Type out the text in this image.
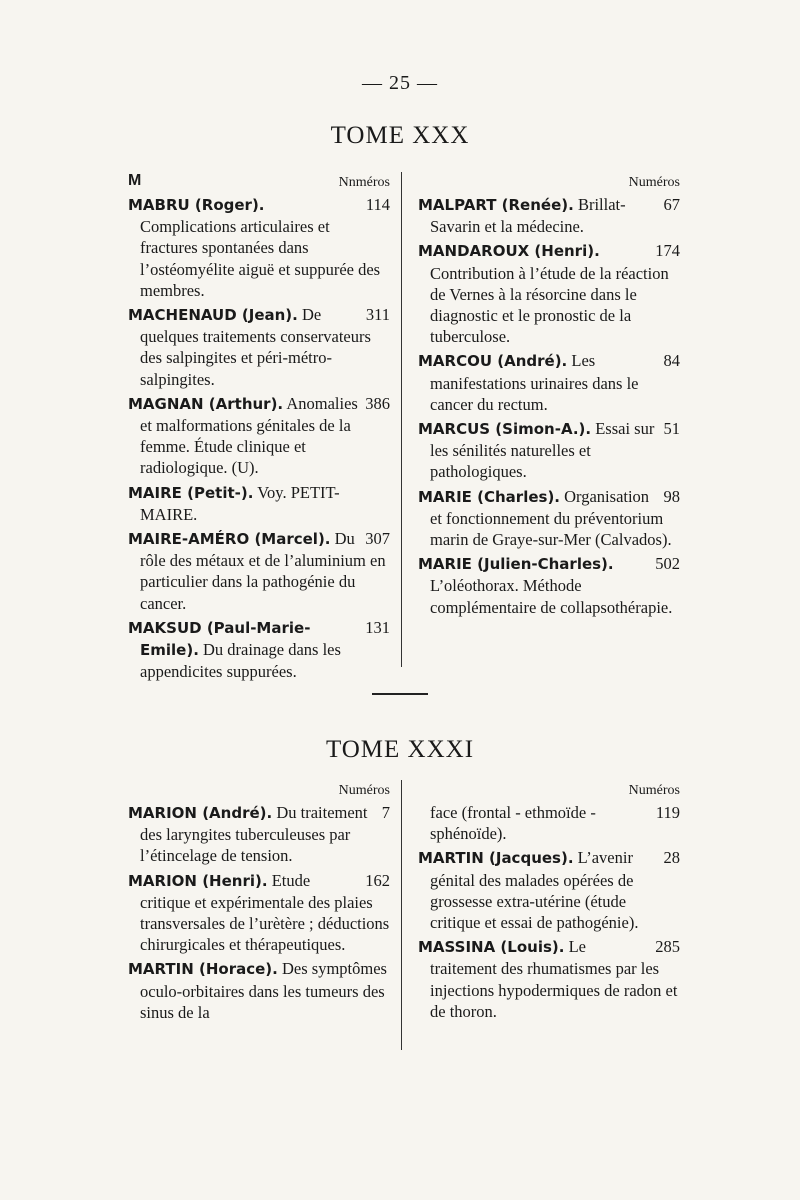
— 25 —
TOME XXX
M	Nnméros

114
MABRU (Roger). Complications articulaires et fractures spontanées dans l’ostéomyélite aiguë et suppurée des membres.

311
MACHENAUD (Jean). De quelques traitements conservateurs des salpingites et péri-métro-salpingites.

386
MAGNAN (Arthur). Anomalies et malformations génitales de la femme. Étude clinique et radiologique. (U).

MAIRE (Petit-). Voy. PETIT-MAIRE.

307
MAIRE-AMÉRO (Marcel). Du rôle des métaux et de l’aluminium en particulier dans la pathogénie du cancer.

131
MAKSUD (Paul-Marie-Emile). Du drainage dans les appendicites suppurées.

Numéros

67
MALPART (Renée). Brillat-Savarin et la médecine.

174
MANDAROUX (Henri). Contribution à l’étude de la réaction de Vernes à la résorcine dans le diagnostic et le pronostic de la tuberculose.

84
MARCOU (André). Les manifestations urinaires dans le cancer du rectum.

51
MARCUS (Simon-A.). Essai sur les sénilités naturelles et pathologiques.

98
MARIE (Charles). Organisation et fonctionnement du préventorium marin de Graye-sur-Mer (Calvados).

502
MARIE (Julien-Charles). L’oléothorax. Méthode complémentaire de collapsothérapie.

TOME XXXI
Numéros

7
MARION (André). Du traitement des laryngites tuberculeuses par l’étincelage de tension.

162
MARION (Henri). Etude critique et expérimentale des plaies transversales de l’urètère ; déductions chirurgicales et thérapeutiques.

MARTIN (Horace). Des symptômes oculo-orbitaires dans les tumeurs des sinus de la

Numéros

119
face (frontal - ethmoïde - sphénoïde).

28
MARTIN (Jacques). L’avenir génital des malades opérées de grossesse extra-utérine (étude critique et essai de pathogénie).

285
MASSINA (Louis). Le traitement des rhumatismes par les injections hypodermiques de radon et de thoron.
